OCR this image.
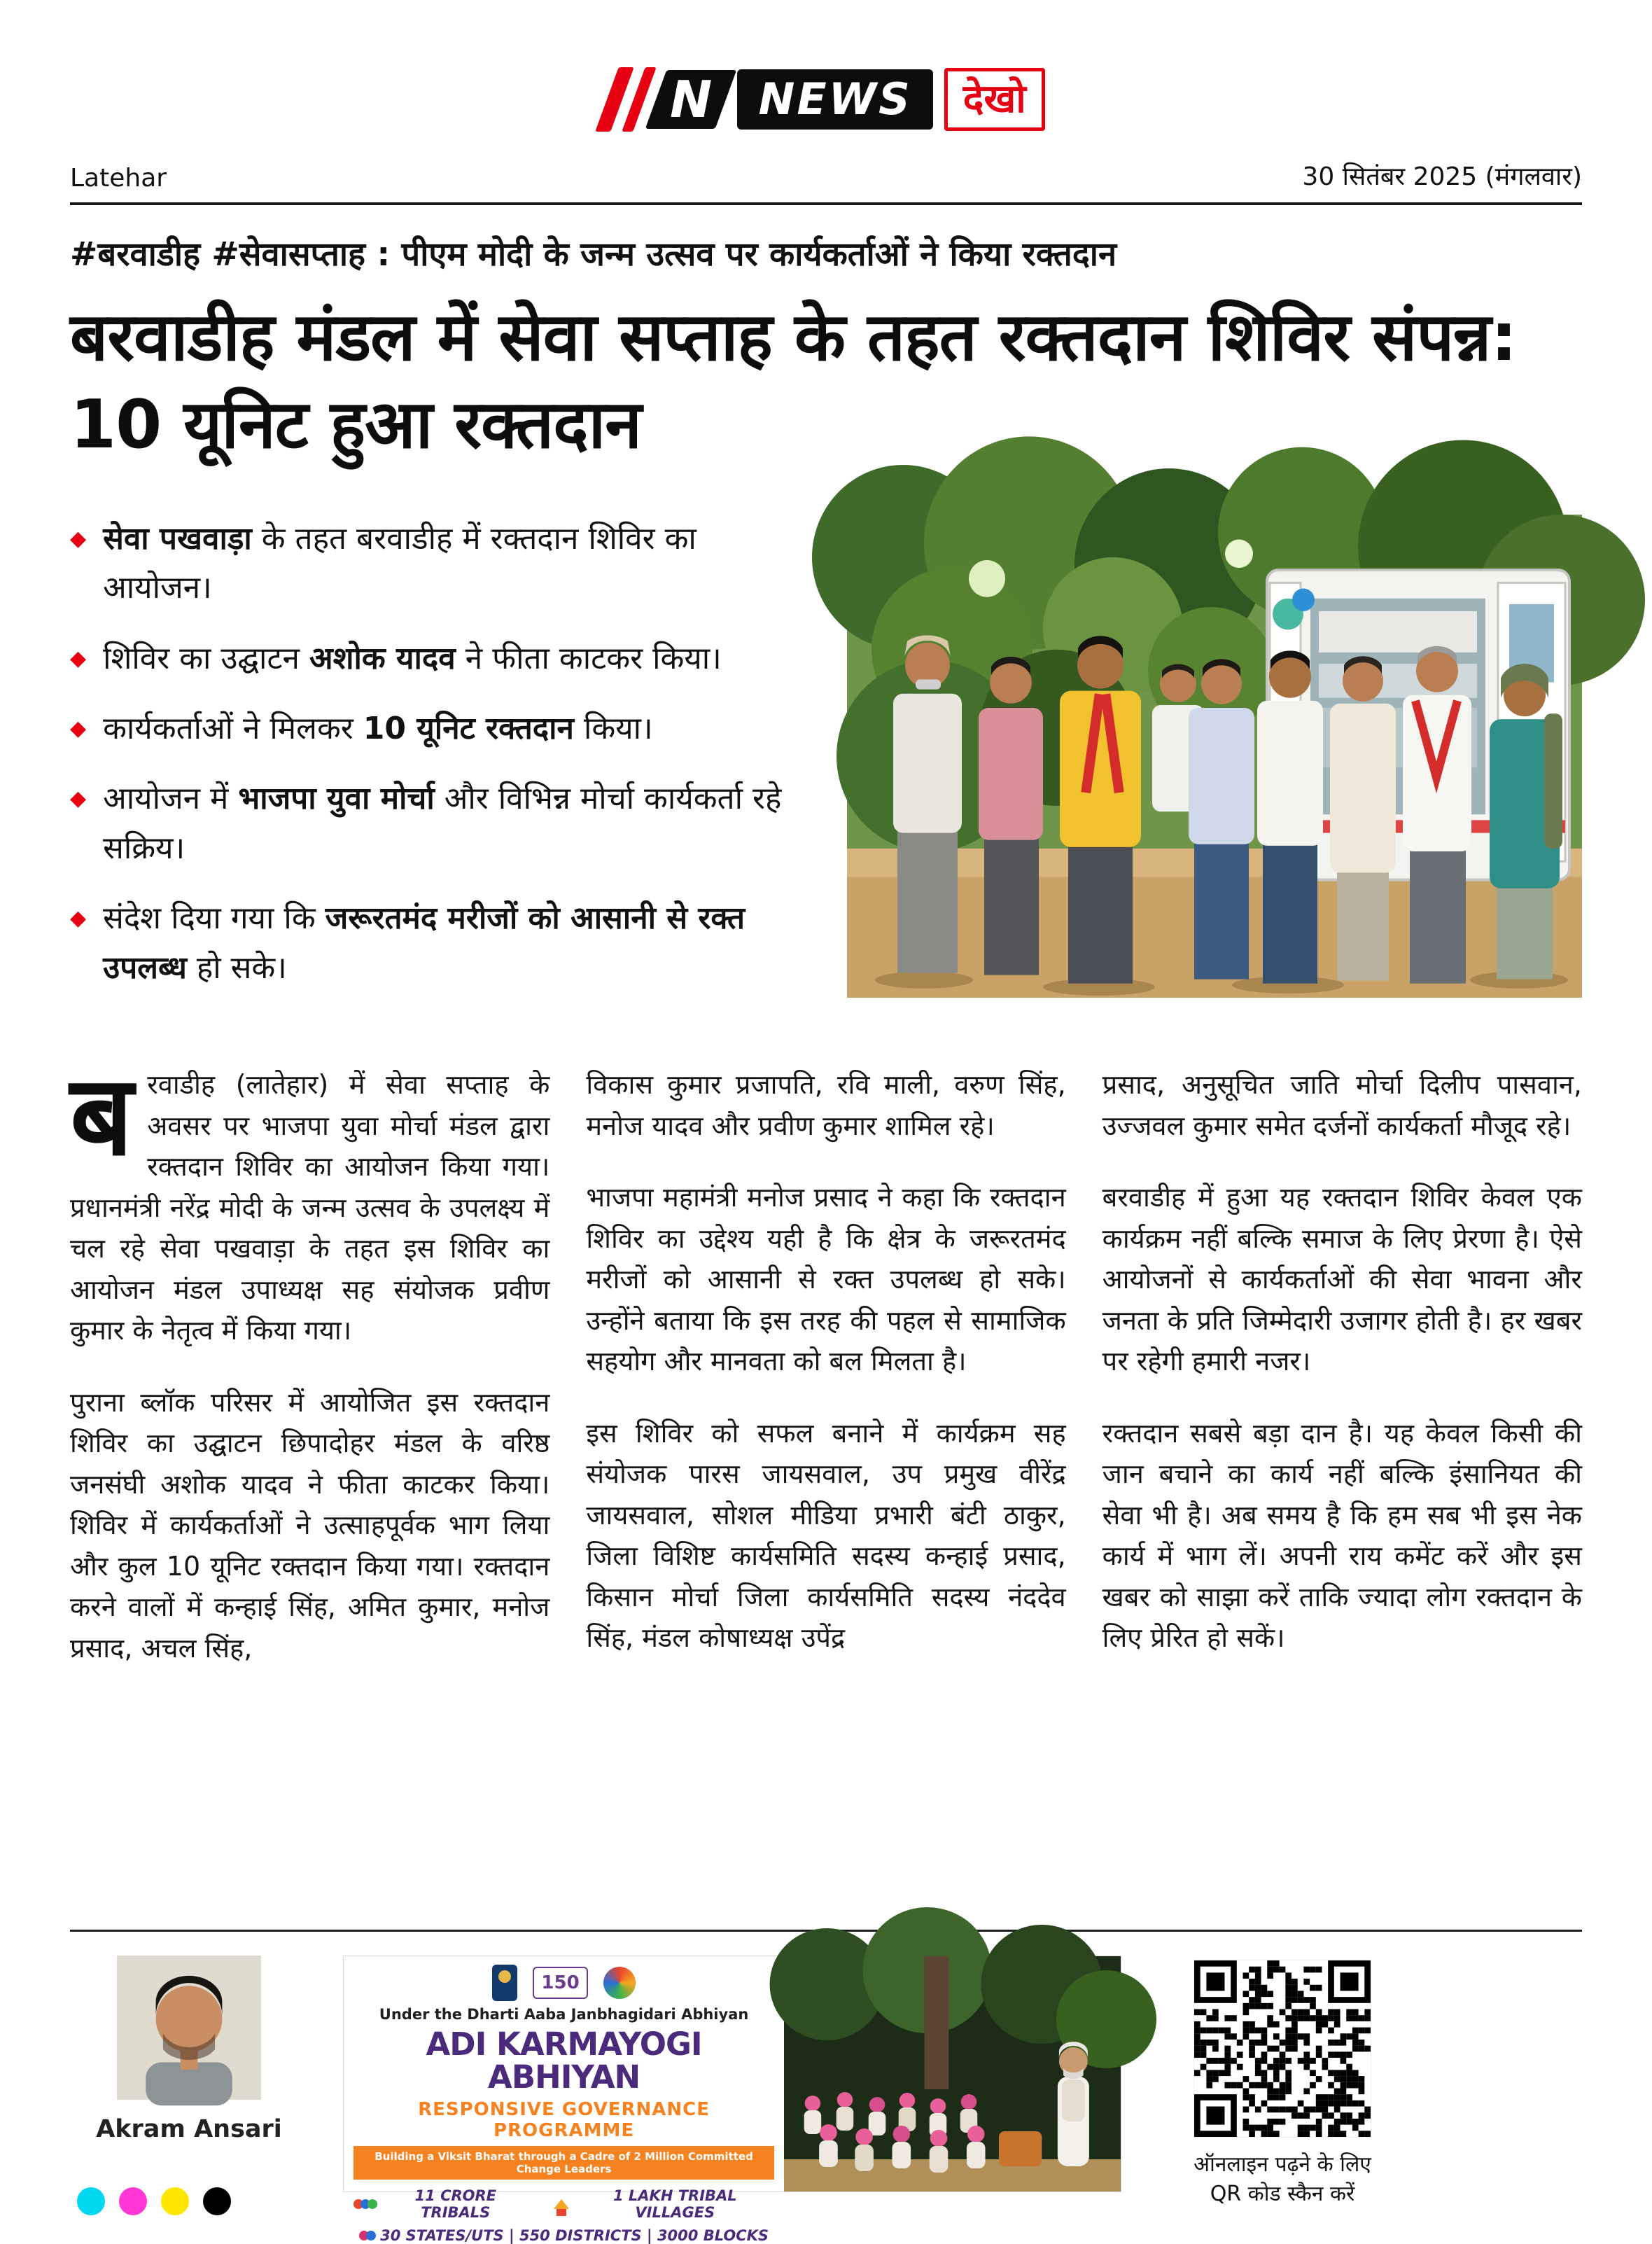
N	NEWS	देखो
Latehar	30 सितंबर 2025 (मंगलवार)
#बरवाडीह #सेवासप्ताह : पीएम मोदी के जन्म उत्सव पर कार्यकर्ताओं ने किया रक्तदान
बरवाडीह मंडल में सेवा सप्ताह के तहत रक्तदान शिविर संपन्न: 10 यूनिट हुआ रक्तदान
◆ सेवा पखवाड़ा के तहत बरवाडीह में रक्तदान शिविर का आयोजन।
◆ शिविर का उद्घाटन अशोक यादव ने फीता काटकर किया।
◆ कार्यकर्ताओं ने मिलकर 10 यूनिट रक्तदान किया।
◆ आयोजन में भाजपा युवा मोर्चा और विभिन्न मोर्चा कार्यकर्ता रहे सक्रिय।
◆ संदेश दिया गया कि जरूरतमंद मरीजों को आसानी से रक्त उपलब्ध हो सके।

बरवाडीह (लातेहार) में सेवा सप्ताह के अवसर पर भाजपा युवा मोर्चा मंडल द्वारा रक्तदान शिविर का आयोजन किया गया। प्रधानमंत्री नरेंद्र मोदी के जन्म उत्सव के उपलक्ष्य में चल रहे सेवा पखवाड़ा के तहत इस शिविर का आयोजन मंडल उपाध्यक्ष सह संयोजक प्रवीण कुमार के नेतृत्व में किया गया।

पुराना ब्लॉक परिसर में आयोजित इस रक्तदान शिविर का उद्घाटन छिपादोहर मंडल के वरिष्ठ जनसंघी अशोक यादव ने फीता काटकर किया। शिविर में कार्यकर्ताओं ने उत्साहपूर्वक भाग लिया और कुल 10 यूनिट रक्तदान किया गया। रक्तदान करने वालों में कन्हाई सिंह, अमित कुमार, मनोज प्रसाद, अचल सिंह,

विकास कुमार प्रजापति, रवि माली, वरुण सिंह, मनोज यादव और प्रवीण कुमार शामिल रहे।

भाजपा महामंत्री मनोज प्रसाद ने कहा कि रक्तदान शिविर का उद्देश्य यही है कि क्षेत्र के जरूरतमंद मरीजों को आसानी से रक्त उपलब्ध हो सके। उन्होंने बताया कि इस तरह की पहल से सामाजिक सहयोग और मानवता को बल मिलता है।

इस शिविर को सफल बनाने में कार्यक्रम सह संयोजक पारस जायसवाल, उप प्रमुख वीरेंद्र जायसवाल, सोशल मीडिया प्रभारी बंटी ठाकुर, जिला विशिष्ट कार्यसमिति सदस्य कन्हाई प्रसाद, किसान मोर्चा जिला कार्यसमिति सदस्य नंददेव सिंह, मंडल कोषाध्यक्ष उपेंद्र

प्रसाद, अनुसूचित जाति मोर्चा दिलीप पासवान, उज्जवल कुमार समेत दर्जनों कार्यकर्ता मौजूद रहे।

बरवाडीह में हुआ यह रक्तदान शिविर केवल एक कार्यक्रम नहीं बल्कि समाज के लिए प्रेरणा है। ऐसे आयोजनों से कार्यकर्ताओं की सेवा भावना और जनता के प्रति जिम्मेदारी उजागर होती है। हर खबर पर रहेगी हमारी नजर।

रक्तदान सबसे बड़ा दान है। यह केवल किसी की जान बचाने का कार्य नहीं बल्कि इंसानियत की सेवा भी है। अब समय है कि हम सब भी इस नेक कार्य में भाग लें। अपनी राय कमेंट करें और इस खबर को साझा करें ताकि ज्यादा लोग रक्तदान के लिए प्रेरित हो सकें।

Akram Ansari
150
Under the Dharti Aaba Janbhagidari Abhiyan
ADI KARMAYOGI ABHIYAN
RESPONSIVE GOVERNANCE PROGRAMME
Building a Viksit Bharat through a Cadre of 2 Million Committed Change Leaders
11 CRORE TRIBALS
1 LAKH TRIBAL VILLAGES
30 STATES/UTS | 550 DISTRICTS | 3000 BLOCKS
ऑनलाइन पढ़ने के लिए
QR कोड स्कैन करें
